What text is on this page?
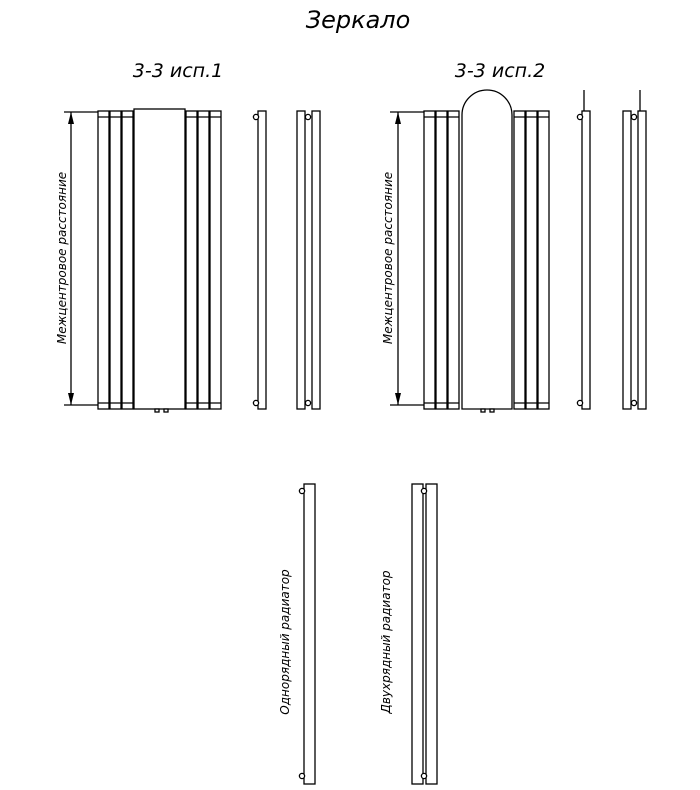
Зеркало
3-3 исп.1	3-3 исп.2
Межцентровое расстояние	Межцентровое расстояние
Однорядный радиатор	Двухрядный радиатор
